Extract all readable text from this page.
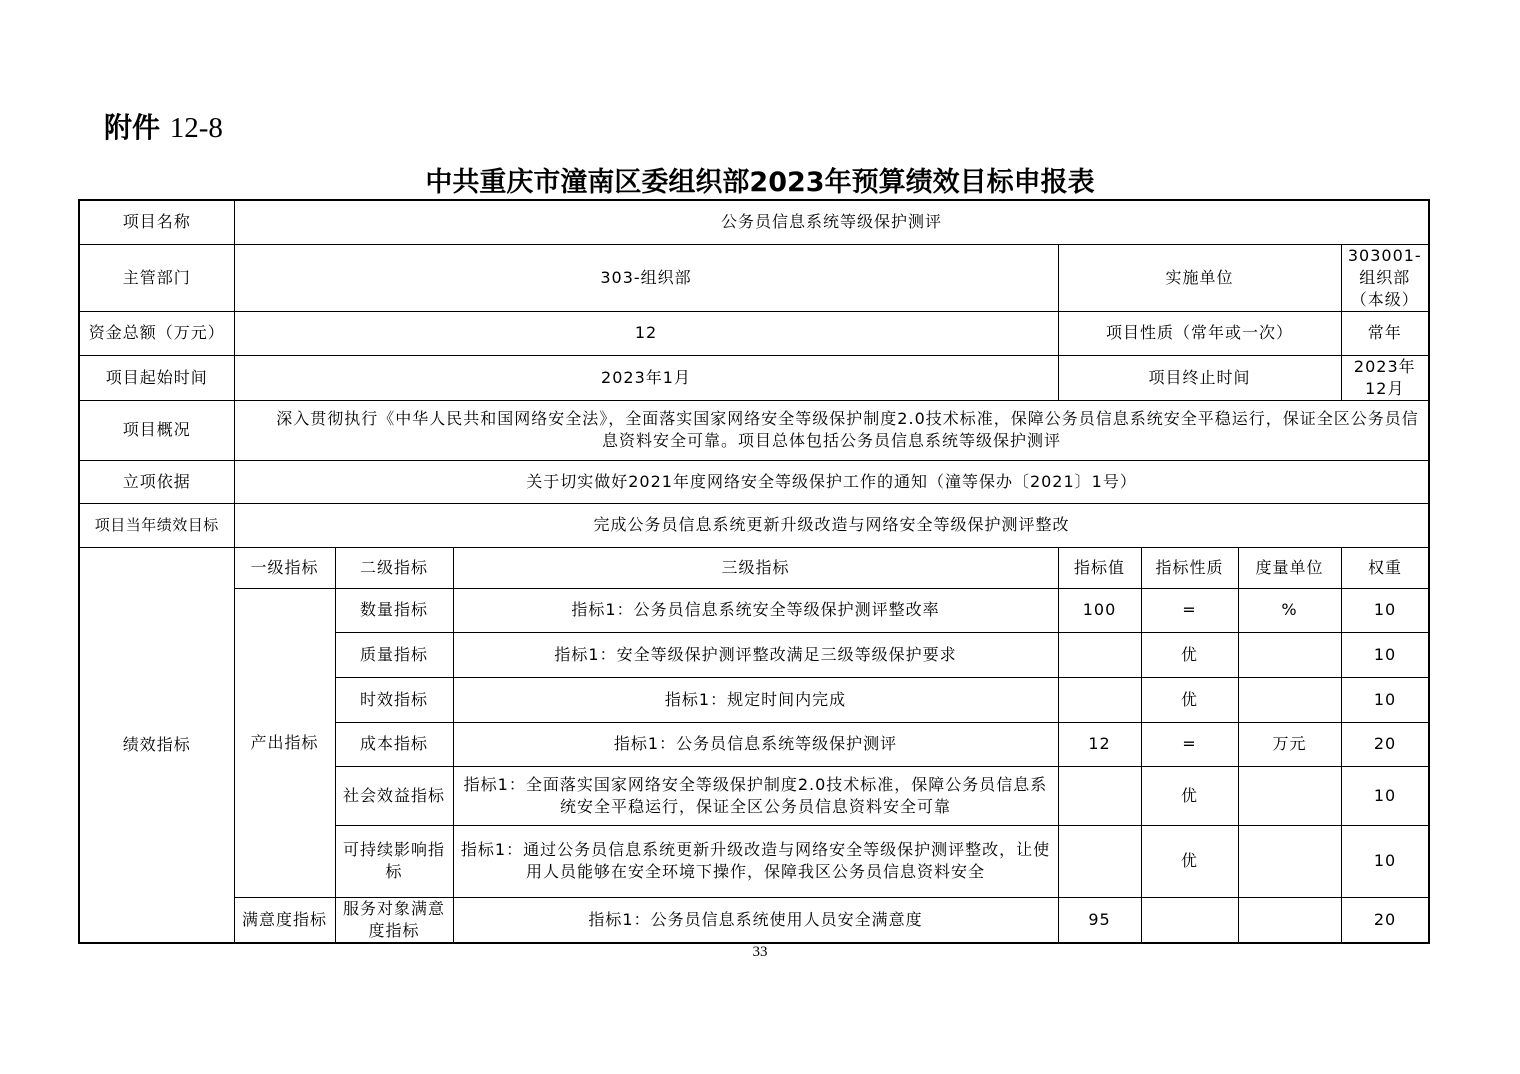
附件 12-8
中共重庆市潼南区委组织部2023年预算绩效目标申报表
项目名称	公务员信息系统等级保护测评						
主管部门	303-组织部			实施单位			303001-组织部（本级）
资金总额（万元）	12			项目性质（常年或一次）			常年
项目起始时间	2023年1月			项目终止时间			2023年12月
项目概况	深入贯彻执行《中华人民共和国网络安全法》，全面落实国家网络安全等级保护制度2.0技术标准，保障公务员信息系统安全平稳运行，保证全区公务员信息资料安全可靠。项目总体包括公务员信息系统等级保护测评						
立项依据	关于切实做好2021年度网络安全等级保护工作的通知（潼等保办〔2021〕1号）						
项目当年绩效目标	完成公务员信息系统更新升级改造与网络安全等级保护测评整改						
绩效指标	一级指标	二级指标	三级指标	指标值	指标性质	度量单位	权重
	产出指标	数量指标	指标1：公务员信息系统安全等级保护测评整改率	100	=	%	10
		质量指标	指标1：安全等级保护测评整改满足三级等级保护要求		优		10
		时效指标	指标1：规定时间内完成		优		10
		成本指标	指标1：公务员信息系统等级保护测评	12	=	万元	20
		社会效益指标	指标1：全面落实国家网络安全等级保护制度2.0技术标准，保障公务员信息系统安全平稳运行，保证全区公务员信息资料安全可靠		优		10
		可持续影响指标	指标1：通过公务员信息系统更新升级改造与网络安全等级保护测评整改，让使用人员能够在安全环境下操作，保障我区公务员信息资料安全		优		10
	满意度指标	服务对象满意度指标	指标1：公务员信息系统使用人员安全满意度	95			20
33
